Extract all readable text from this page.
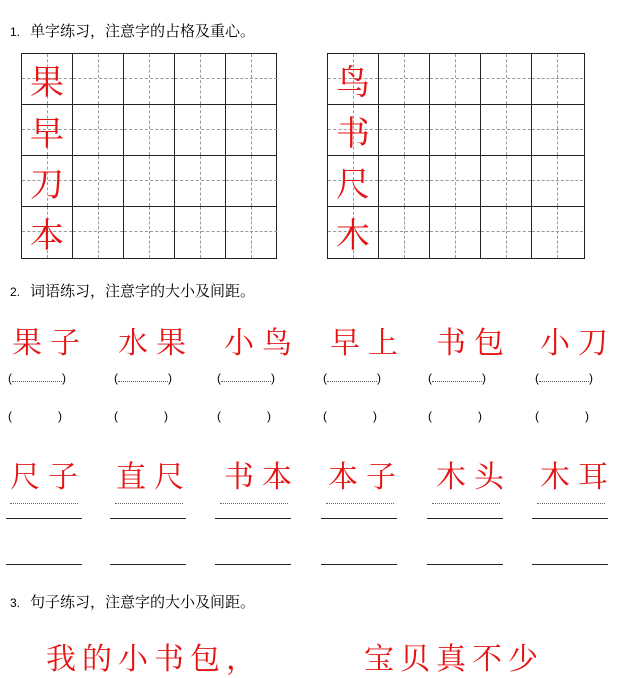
1. 单字练习，注意字的占格及重心。
果
早
刀
本
鸟
书
尺
木
2. 词语练习，注意字的大小及间距。
果子 水果 小鸟 早上 书包 小刀
(	)	(	)	(	)	(	)	(	)	(	)
(	)	(	)	(	)	(	)	(	)	(	)
尺子 直尺 书本 本子 木头 木耳
3. 句子练习，注意字的大小及间距。
我的小书包，	宝贝真不少
